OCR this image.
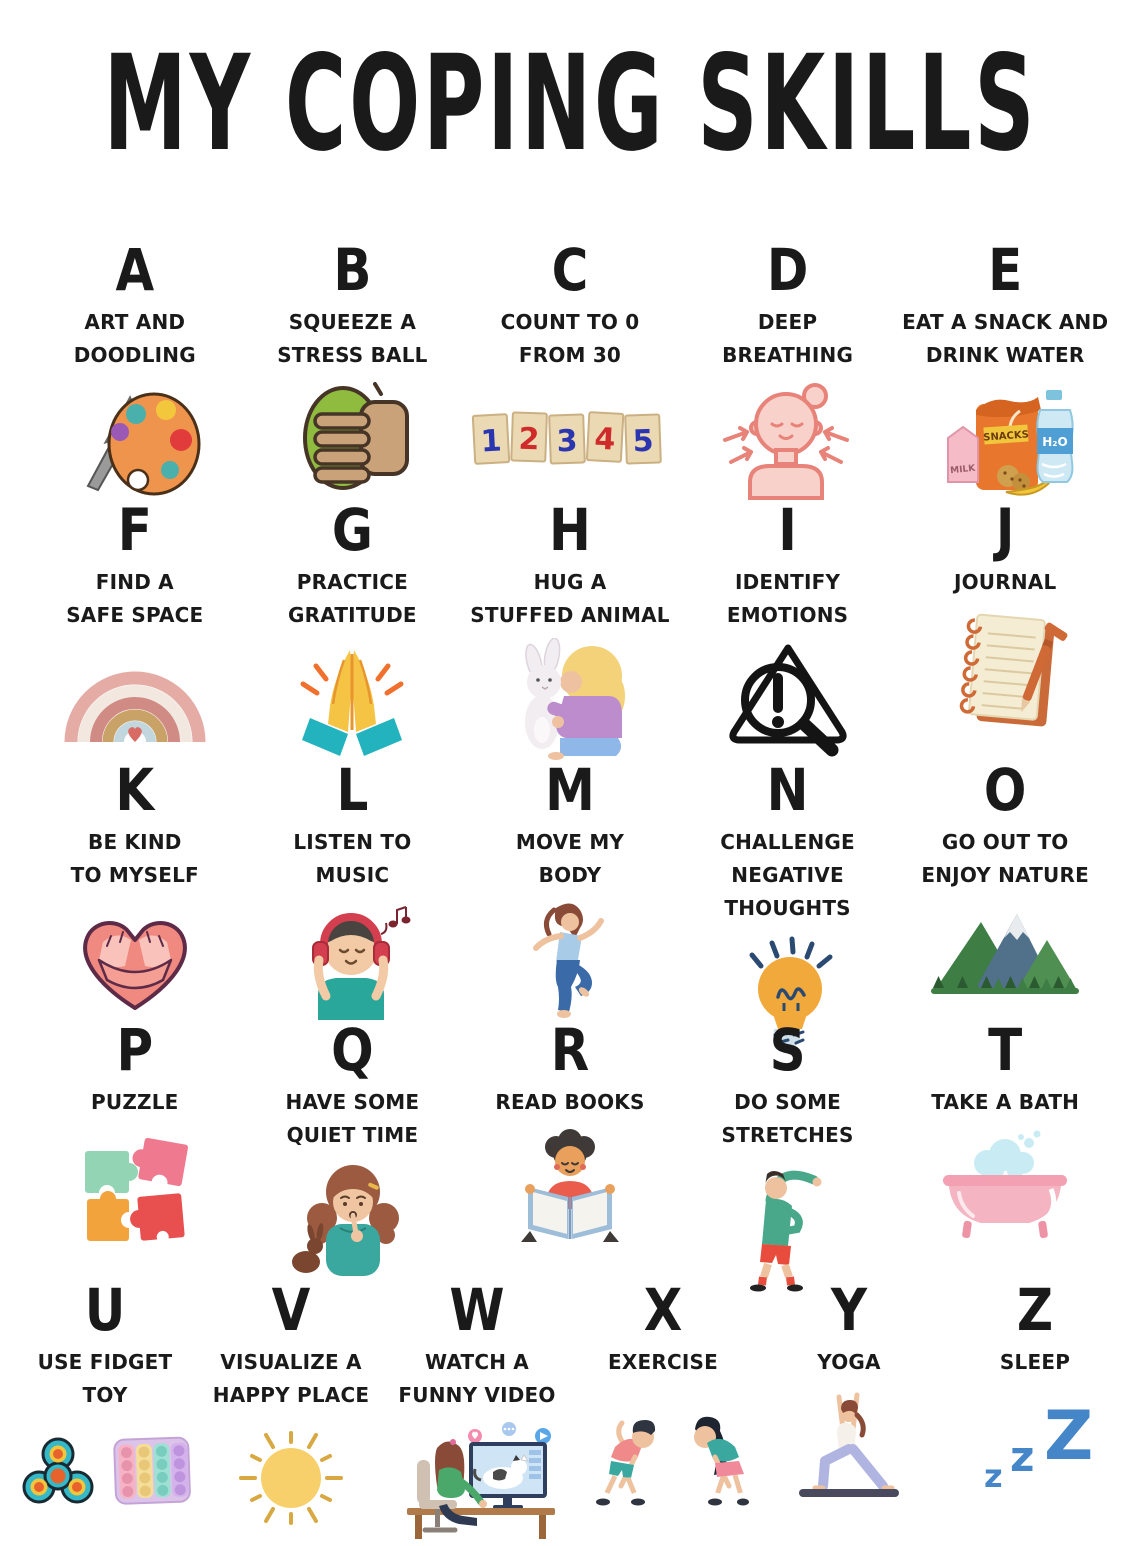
MY COPING SKILLS
A
ART AND
DOODLING
B
SQUEEZE A
STRESS BALL
C
COUNT TO 0
FROM 30
1 2 3 4 5
D
DEEP
BREATHING
E
EAT A SNACK AND
DRINK WATER
SNACKS
MILK
H₂O
F
FIND A
SAFE SPACE
G
PRACTICE
GRATITUDE
H
HUG A
STUFFED ANIMAL
I
IDENTIFY
EMOTIONS
J
JOURNAL
K
BE KIND
TO MYSELF
L
LISTEN TO
MUSIC
M
MOVE MY
BODY
N
CHALLENGE
NEGATIVE THOUGHTS
O
GO OUT TO
ENJOY NATURE
P
PUZZLE
Q
HAVE SOME
QUIET TIME
R
READ BOOKS
S
DO SOME
STRETCHES
T
TAKE A BATH
U
USE FIDGET TOY
V
VISUALIZE A
HAPPY PLACE
W
WATCH A
FUNNY VIDEO
X
EXERCISE
Y
YOGA
Z
SLEEP
z z Z
